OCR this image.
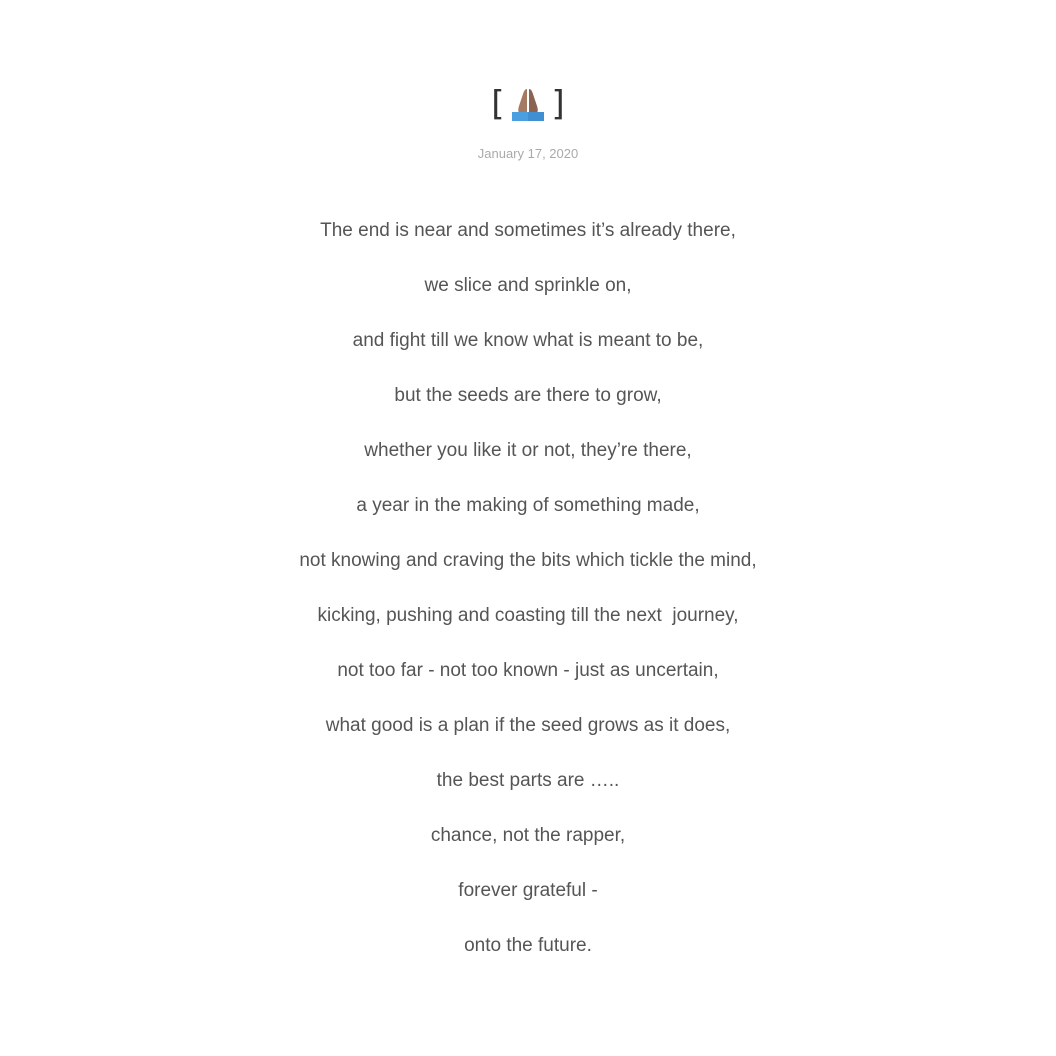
[ ]
January 17, 2020
The end is near and sometimes it’s already there,
we slice and sprinkle on,
and fight till we know what is meant to be,
but the seeds are there to grow,
whether you like it or not, they’re there,
a year in the making of something made,
not knowing and craving the bits which tickle the mind,
kicking, pushing and coasting till the next  journey,
not too far - not too known - just as uncertain,
what good is a plan if the seed grows as it does,
the best parts are …..
chance, not the rapper,
forever grateful -
onto the future.
